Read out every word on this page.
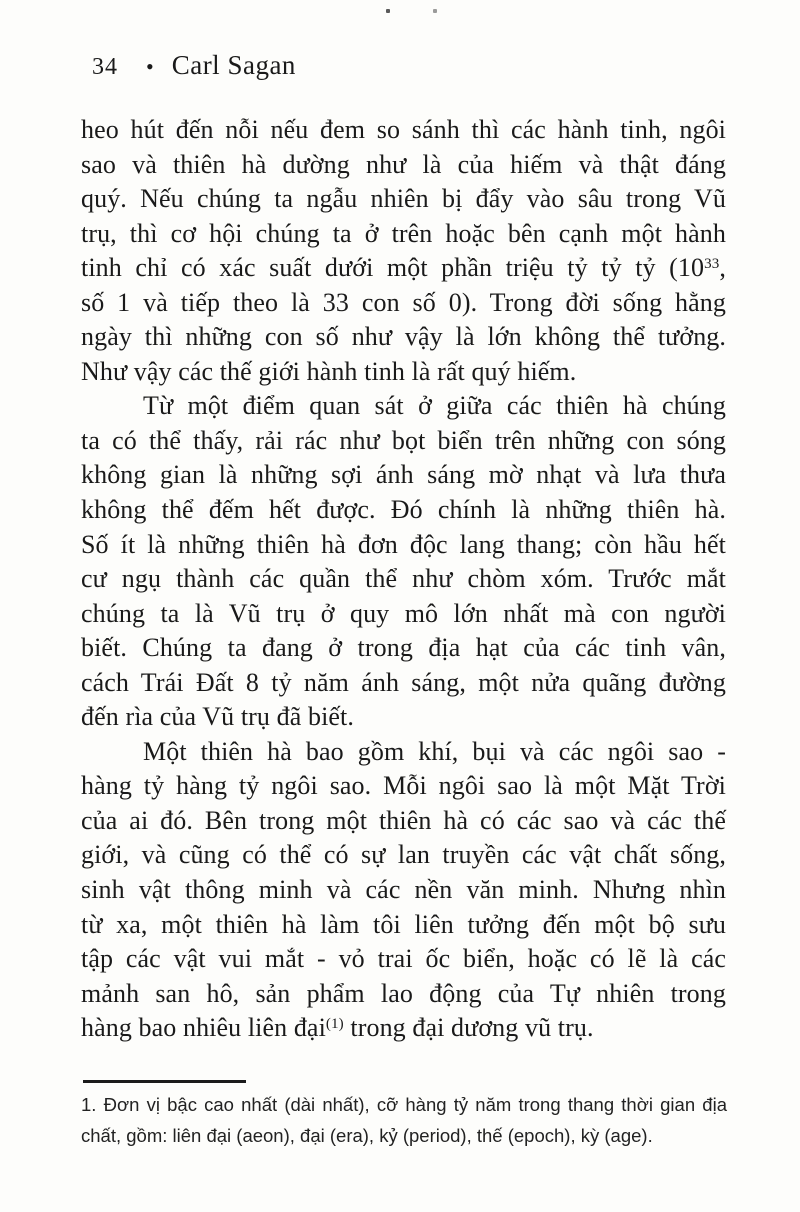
34 • Carl Sagan
heo hút đến nỗi nếu đem so sánh thì các hành tinh, ngôi
sao và thiên hà dường như là của hiếm và thật đáng
quý. Nếu chúng ta ngẫu nhiên bị đẩy vào sâu trong Vũ
trụ, thì cơ hội chúng ta ở trên hoặc bên cạnh một hành
tinh chỉ có xác suất dưới một phần triệu tỷ tỷ tỷ ($10^{33}$,
số 1 và tiếp theo là 33 con số 0). Trong đời sống hằng
ngày thì những con số như vậy là lớn không thể tưởng.
Như vậy các thế giới hành tinh là rất quý hiếm.
Từ một điểm quan sát ở giữa các thiên hà chúng
ta có thể thấy, rải rác như bọt biển trên những con sóng
không gian là những sợi ánh sáng mờ nhạt và lưa thưa
không thể đếm hết được. Đó chính là những thiên hà.
Số ít là những thiên hà đơn độc lang thang; còn hầu hết
cư ngụ thành các quần thể như chòm xóm. Trước mắt
chúng ta là Vũ trụ ở quy mô lớn nhất mà con người
biết. Chúng ta đang ở trong địa hạt của các tinh vân,
cách Trái Đất 8 tỷ năm ánh sáng, một nửa quãng đường
đến rìa của Vũ trụ đã biết.
Một thiên hà bao gồm khí, bụi và các ngôi sao -
hàng tỷ hàng tỷ ngôi sao. Mỗi ngôi sao là một Mặt Trời
của ai đó. Bên trong một thiên hà có các sao và các thế
giới, và cũng có thể có sự lan truyền các vật chất sống,
sinh vật thông minh và các nền văn minh. Nhưng nhìn
từ xa, một thiên hà làm tôi liên tưởng đến một bộ sưu
tập các vật vui mắt - vỏ trai ốc biển, hoặc có lẽ là các
mảnh san hô, sản phẩm lao động của Tự nhiên trong
hàng bao nhiêu liên đại$^{(1)}$ trong đại dương vũ trụ.
1. Đơn vị bậc cao nhất (dài nhất), cỡ hàng tỷ năm trong thang thời gian địa
chất, gồm: liên đại (aeon), đại (era), kỷ (period), thế (epoch), kỳ (age).
